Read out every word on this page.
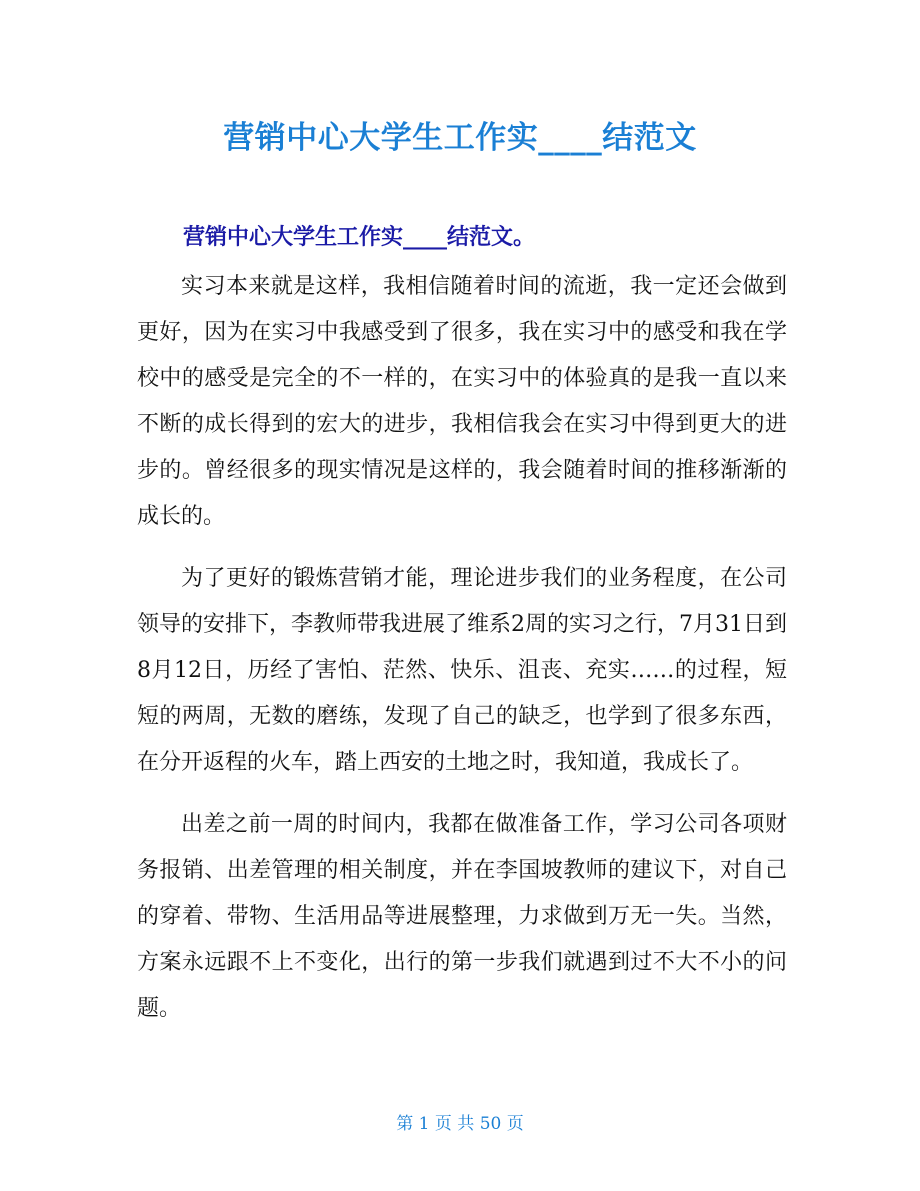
营销中心大学生工作实____结范文
营销中心大学生工作实____结范文。

实习本来就是这样，我相信随着时间的流逝，我一定还会做到更好，因为在实习中我感受到了很多，我在实习中的感受和我在学校中的感受是完全的不一样的，在实习中的体验真的是我一直以来不断的成长得到的宏大的进步，我相信我会在实习中得到更大的进步的。曾经很多的现实情况是这样的，我会随着时间的推移渐渐的成长的。

为了更好的锻炼营销才能，理论进步我们的业务程度，在公司领导的安排下，李教师带我进展了维系2周的实习之行，7月31日到8月12日，历经了害怕、茫然、快乐、沮丧、充实……的过程，短短的两周，无数的磨练，发现了自己的缺乏，也学到了很多东西，在分开返程的火车，踏上西安的土地之时，我知道，我成长了。

出差之前一周的时间内，我都在做准备工作，学习公司各项财务报销、出差管理的相关制度，并在李国坡教师的建议下，对自己的穿着、带物、生活用品等进展整理，力求做到万无一失。当然，方案永远跟不上不变化，出行的第一步我们就遇到过不大不小的问题。

第 1 页 共 50 页
